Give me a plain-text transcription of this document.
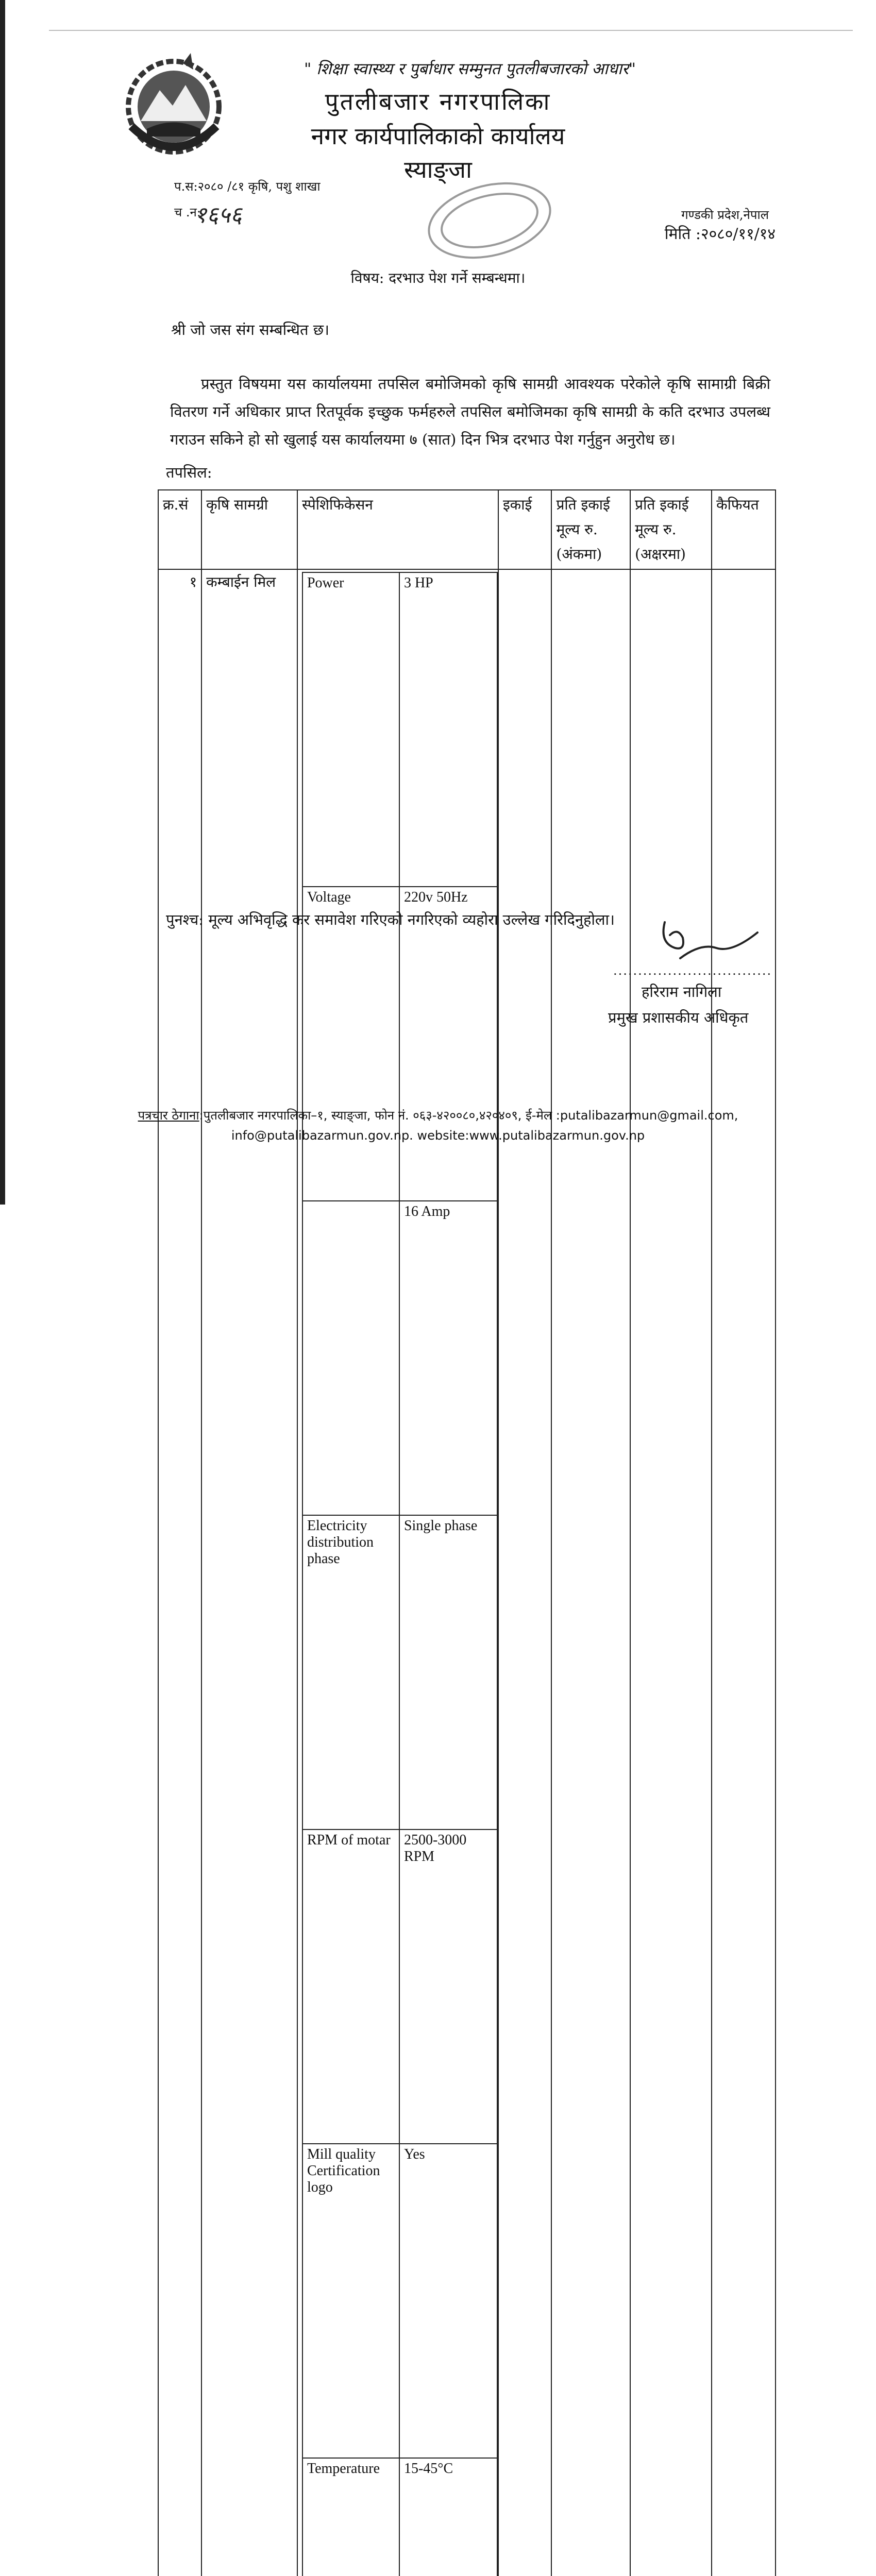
" शिक्षा स्वास्थ्य र पुर्बाधार सम्मुनत पुतलीबजारको आधार"
पुतलीबजार नगरपालिका
नगर कार्यपालिकाको कार्यालय
स्याङ्जा
प.स:२०८० /८१ कृषि, पशु शाखा
च .न:
१६५६	गण्डकी प्रदेश,नेपाल
मिति :२०८०/११/१४
विषय: दरभाउ पेश गर्ने सम्बन्धमा।
श्री जो जस संग सम्बन्धित छ।
प्रस्तुत विषयमा यस कार्यालयमा तपसिल बमोजिमको कृषि सामग्री आवश्यक परेकोले कृषि सामाग्री बिक्री वितरण गर्ने अधिकार प्राप्त रितपूर्वक इच्छुक फर्महरुले तपसिल बमोजिमका कृषि सामग्री के कति दरभाउ उपलब्ध गराउन सकिने हो सो खुलाई यस कार्यालयमा ७ (सात) दिन भित्र दरभाउ पेश गर्नुहुन अनुरोध छ।
तपसिल:
क्र.सं	कृषि सामग्री	स्पेशिफिकेसन	इकाई	प्रति इकाई मूल्य रु. (अंकमा)	प्रति इकाई मूल्य रु. (अक्षरमा)	कैफियत
१	कम्बाईन मिल	Power	3 HP
Voltage	220v 50Hz
	16 Amp
Electricity distribution phase	Single phase
RPM of motar	2500-3000 RPM
Mill quality Certification logo	Yes
Temperature	15-45°C

पुनश्च: मूल्य अभिवृद्धि कर समावेश गरिएको नगरिएको व्यहोरा उल्लेख गरिदिनुहोला।
................................
हरिराम नागिला
प्रमुख प्रशासकीय अधिकृत
पत्रचार ठेगाना:पुतलीबजार नगरपालिका–१, स्याङ्जा, फोन नं. ०६३-४२००८०,४२०४०९, ई-मेल :putalibazarmun@gmail.com,
info@putalibazarmun.gov.np. website:www.putalibazarmun.gov.np
